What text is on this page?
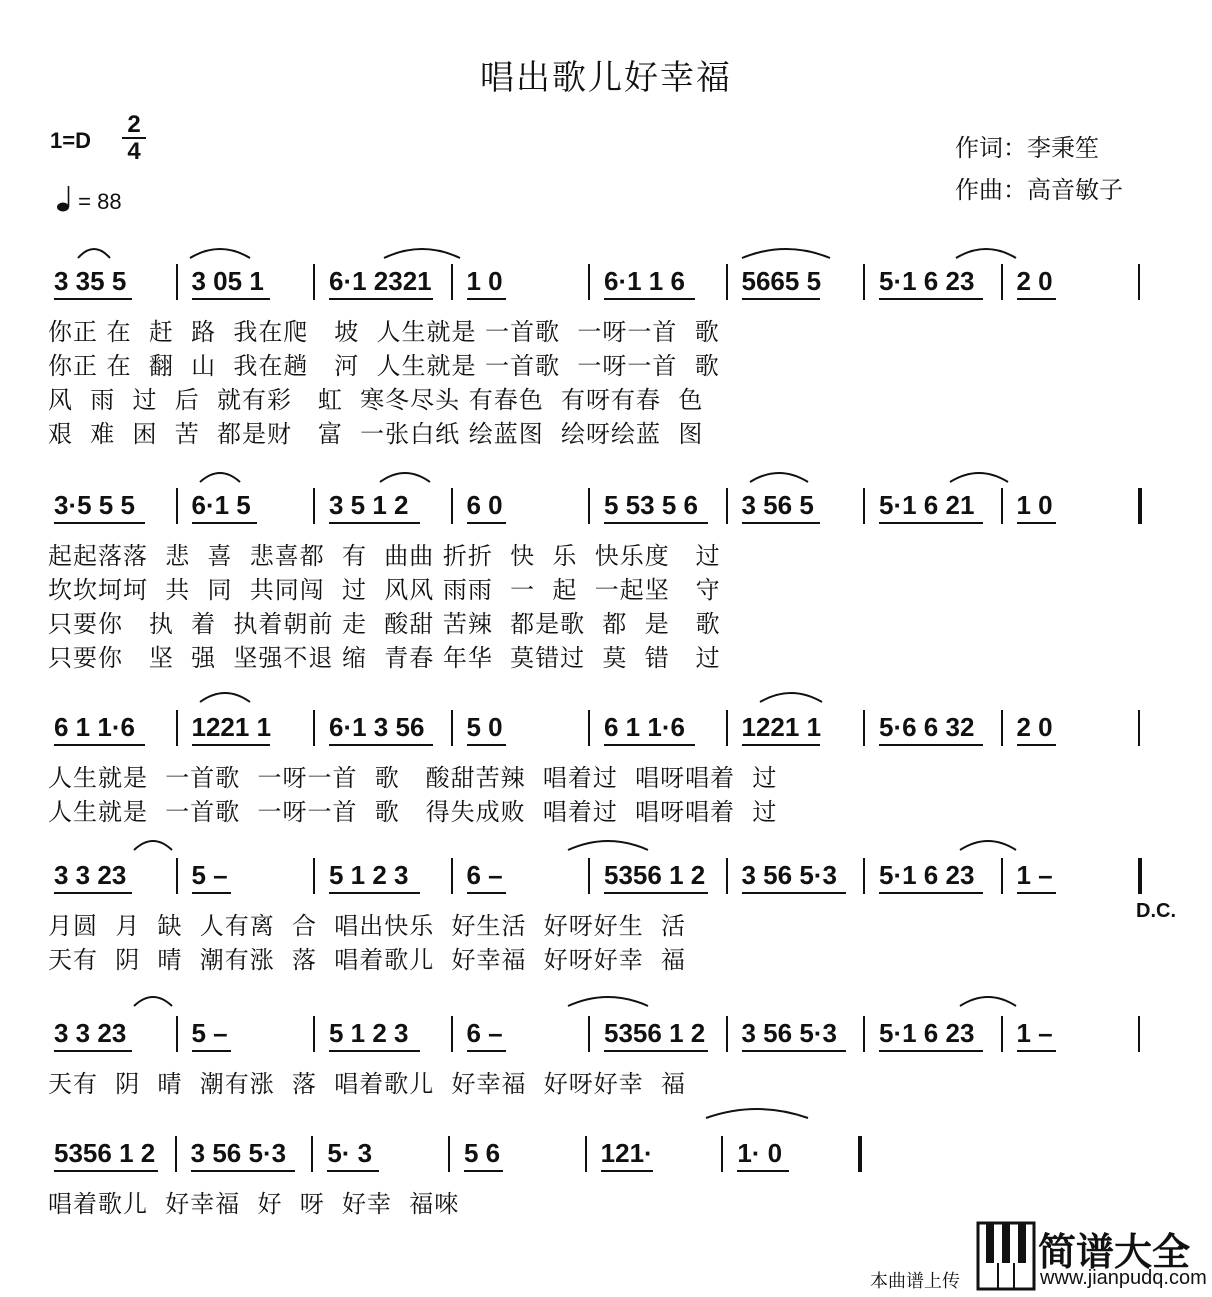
唱出歌儿好幸福
1=D
2
4
= 88
作词：李秉笙
作曲：高音敏子
3 35 5	3 05 1	6·1 2321 1 0	6·1 1 6 5665 5 5·1 6 23 2 0
你正 在  赶  路  我在爬   坡  人生就是 一首歌  一呀一首  歌
你正 在  翻  山  我在趟   河  人生就是 一首歌  一呀一首  歌
风  雨  过  后  就有彩   虹  寒冬尽头 有春色  有呀有春  色
艰  难  困  苦  都是财   富  一张白纸 绘蓝图  绘呀绘蓝  图
3·5 5 5 6·1 5	3 5 1 2 6 0	5 53 5 6 3 56 5	5·1 6 21 1 0
起起落落  悲  喜  悲喜都  有  曲曲 折折  快  乐  快乐度   过
坎坎坷坷  共  同  共同闯  过  风风 雨雨  一  起  一起坚   守
只要你   执  着  执着朝前 走  酸甜 苦辣  都是歌  都  是   歌
只要你   坚  强  坚强不退 缩  青春 年华  莫错过  莫  错   过
6 1 1·6 1221 1 6·1 3 56 5 0	6 1 1·6 1221 1 5·6 6 32 2 0
人生就是  一首歌  一呀一首  歌   酸甜苦辣  唱着过  唱呀唱着  过
人生就是  一首歌  一呀一首  歌   得失成败  唱着过  唱呀唱着  过
3 3 23	5 –	5 1 2 3 6 –	5356 1 2 3 56 5·3 5·1 6 23 1 –
月圆  月  缺  人有离  合  唱出快乐  好生活  好呀好生  活
天有  阴  晴  潮有涨  落  唱着歌儿  好幸福  好呀好幸  福
3 3 23	5 –	5 1 2 3 6 –	5356 1 2 3 56 5·3 5·1 6 23 1 –
天有  阴  晴  潮有涨  落  唱着歌儿  好幸福  好呀好幸  福
5356 1 2 3 56 5·3 5· 3	5 6	121·	1· 0
唱着歌儿  好幸福  好  呀  好幸  福唻
D.C.
本曲谱上传
简谱大全
www.jianpudq.com
